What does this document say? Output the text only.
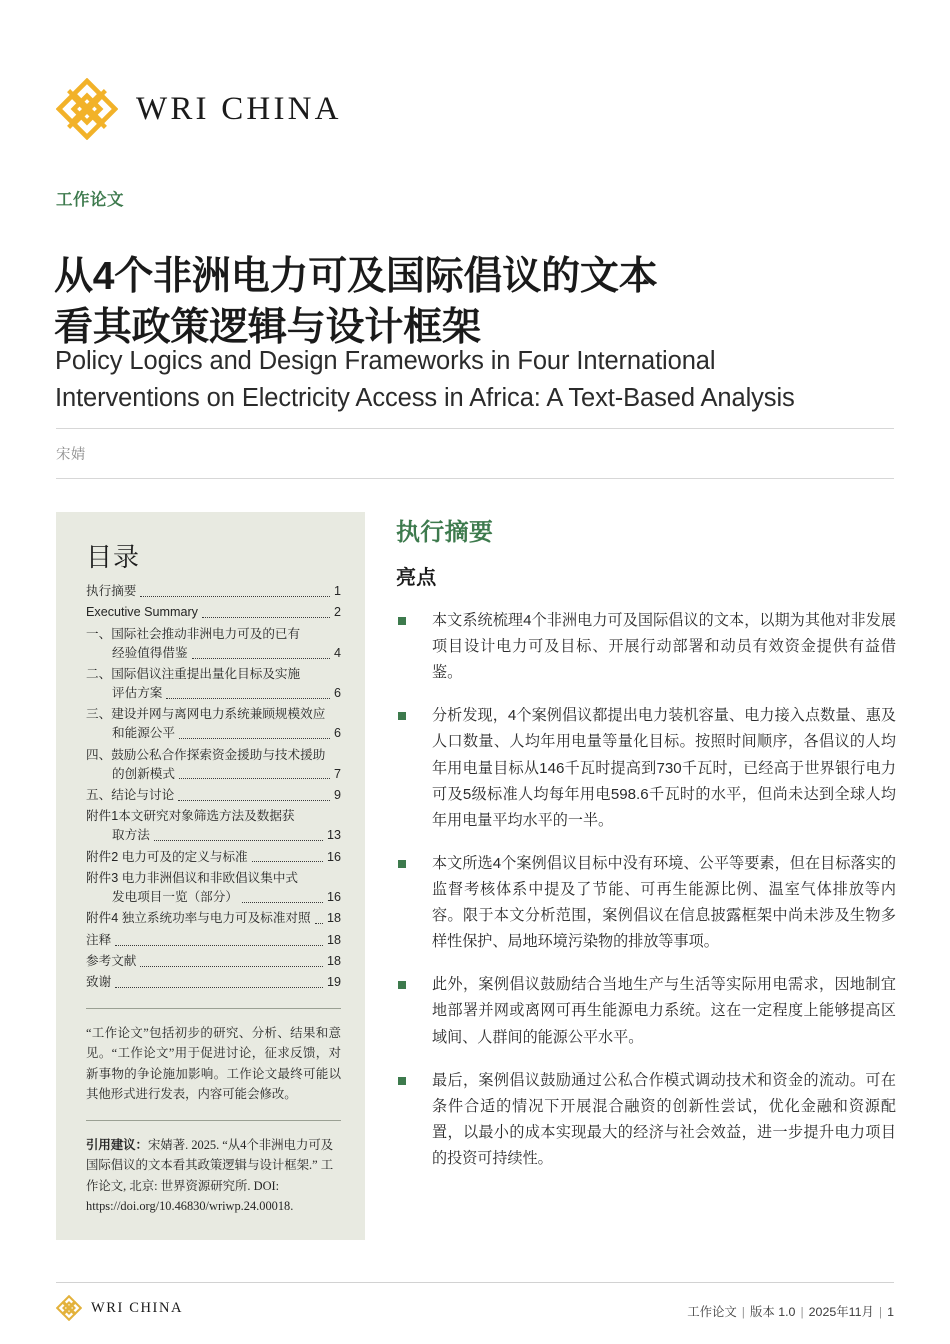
WRI CHINA
工作论文
从4个非洲电力可及国际倡议的文本
看其政策逻辑与设计框架
Policy Logics and Design Frameworks in Four International
Interventions on Electricity Access in Africa: A Text-Based Analysis
宋婧
目录
执行摘要	1
Executive Summary	2
一、国际社会推动非洲电力可及的已有
经验值得借鉴	4
二、国际倡议注重提出量化目标及实施
评估方案	6
三、建设并网与离网电力系统兼顾规模效应
和能源公平	6
四、鼓励公私合作探索资金援助与技术援助
的创新模式	7
五、结论与讨论	9
附件1本文研究对象筛选方法及数据获
取方法	13
附件2 电力可及的定义与标准	16
附件3 电力非洲倡议和非欧倡议集中式
发电项目一览（部分）	16
附件4 独立系统功率与电力可及标准对照 18
注释	18
参考文献	18
致谢	19
“工作论文”包括初步的研究、分析、结果和意见。“工作论文”用于促进讨论，征求反馈，对新事物的争论施加影响。工作论文最终可能以其他形式进行发表，内容可能会修改。
引用建议：宋婧著. 2025. “从4个非洲电力可及国际倡议的文本看其政策逻辑与设计框架.” 工作论文, 北京: 世界资源研究所. DOI: https://doi.org/10.46830/wriwp.24.00018.
执行摘要
亮点
本文系统梳理4个非洲电力可及国际倡议的文本，以期为其他对非发展项目设计电力可及目标、开展行动部署和动员有效资金提供有益借鉴。
分析发现，4个案例倡议都提出电力装机容量、电力接入点数量、惠及人口数量、人均年用电量等量化目标。按照时间顺序，各倡议的人均年用电量目标从146千瓦时提高到730千瓦时，已经高于世界银行电力可及5级标准人均每年用电598.6千瓦时的水平，但尚未达到全球人均年用电量平均水平的一半。
本文所选4个案例倡议目标中没有环境、公平等要素，但在目标落实的监督考核体系中提及了节能、可再生能源比例、温室气体排放等内容。限于本文分析范围，案例倡议在信息披露框架中尚未涉及生物多样性保护、局地环境污染物的排放等事项。
此外，案例倡议鼓励结合当地生产与生活等实际用电需求，因地制宜地部署并网或离网可再生能源电力系统。这在一定程度上能够提高区域间、人群间的能源公平水平。
最后，案例倡议鼓励通过公私合作模式调动技术和资金的流动。可在条件合适的情况下开展混合融资的创新性尝试，优化金融和资源配置，以最小的成本实现最大的经济与社会效益，进一步提升电力项目的投资可持续性。
WRI CHINA	工作论文 | 版本 1.0 | 2025年11月 | 1
